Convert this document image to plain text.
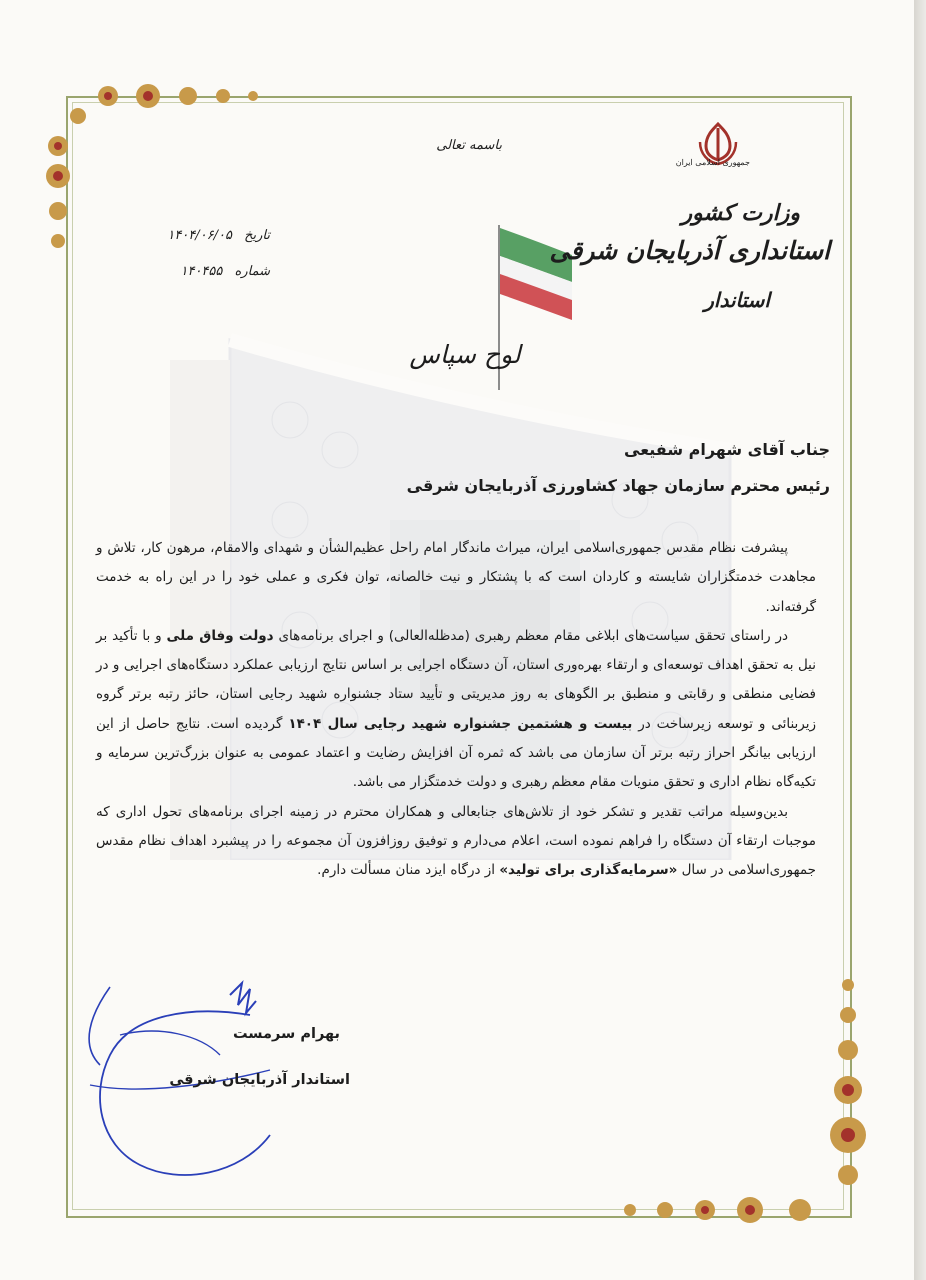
جمهوری اسلامی ایران
باسمه تعالی
وزارت کشور
استانداری آذربایجان شرقی
استاندار
تاریخ ۱۴۰۴/۰۶/۰۵
شماره ۱۴۰۴۵۵
لوح سپاس
جناب آقای شهرام شفیعی
رئیس محترم سازمان جهاد کشاورزی آذربایجان شرقی

پیشرفت نظام مقدس جمهوری‌اسلامی ایران، میراث ماندگار امام راحل عظیم‌الشأن و شهدای والامقام، مرهون کار، تلاش و مجاهدت خدمتگزاران شایسته و کاردان است که با پشتکار و نیت خالصانه، توان فکری و عملی خود را در این راه به خدمت گرفته‌اند.

در راستای تحقق سیاست‌های ابلاغی مقام معظم رهبری (مدظله‌العالی) و اجرای برنامه‌های دولت وفاق ملی و با تأکید بر نیل به تحقق اهداف توسعه‌ای و ارتقاء بهره‌وری استان، آن دستگاه اجرایی بر اساس نتایج ارزیابی عملکرد دستگاه‌های اجرایی و در فضایی منطقی و رقابتی و منطبق بر الگوهای به روز مدیریتی و تأیید ستاد جشنواره شهید رجایی استان، حائز رتبه برتر گروه زیربنائی و توسعه زیرساخت در بیست و هشتمین جشنواره شهید رجایی سال ۱۴۰۴ گردیده است. نتایج حاصل از این ارزیابی بیانگر احراز رتبه برتر آن سازمان می باشد که ثمره آن افزایش رضایت و اعتماد عمومی به عنوان بزرگ‌ترین سرمایه و تکیه‌گاه نظام اداری و تحقق منویات مقام معظم رهبری و دولت خدمتگزار می باشد.

بدین‌وسیله مراتب تقدیر و تشکر خود از تلاش‌های جنابعالی و همکاران محترم در زمینه اجرای برنامه‌های تحول اداری که موجبات ارتقاء آن دستگاه را فراهم نموده است، اعلام می‌دارم و توفیق روزافزون آن مجموعه را در پیشبرد اهداف نظام مقدس جمهوری‌اسلامی در سال «سرمایه‌گذاری برای تولید» از درگاه ایزد منان مسألت دارم.

بهرام سرمست
استاندار آذربایجان شرقی
